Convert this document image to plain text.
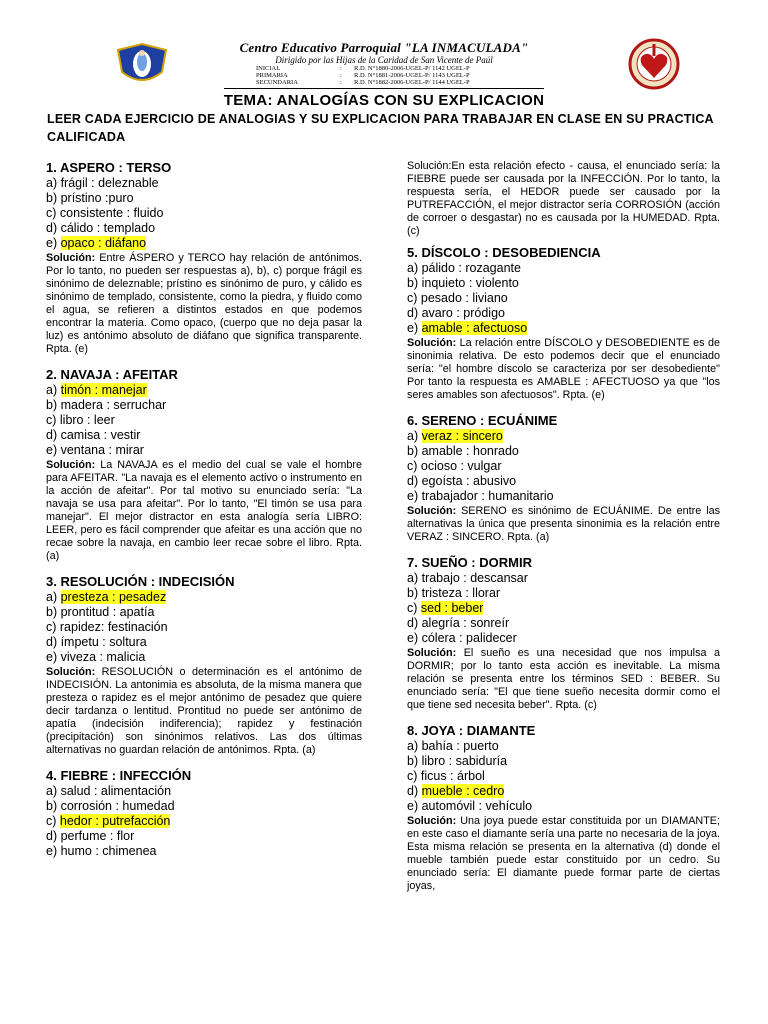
Centro Educativo Parroquial "LA INMACULADA"
Dirigido por las Hijas de la Caridad de San Vicente de Paúl
INICIAL	:	R.D. N°1880-2006-UGEL-P/ 1142 UGEL-P
PRIMARIA	:	R.D. N°1881-2006-UGEL-P/ 1143 UGEL-P
SECUNDARIA	:	R.D. N°1882-2006-UGEL-P/ 1144 UGEL-P
TEMA: ANALOGÍAS CON SU EXPLICACION
LEER CADA EJERCICIO DE ANALOGIAS Y SU EXPLICACION PARA TRABAJAR EN CLASE EN SU PRACTICA CALIFICADA
1. ASPERO : TERSO
a) frágil : deleznable
b) prístino :puro
c) consistente : fluido
d) cálido : templado
e) opaco : diáfano
Solución: Entre ÁSPERO y TERCO hay relación de antónimos. Por lo tanto, no pueden ser respuestas a), b), c) porque frágil es sinónimo de deleznable; prístino es sinónimo de puro, y cálido es sinónimo de templado, consistente, como la piedra, y fluido como el agua, se refieren a distintos estados en que podemos encontrar la materia. Como opaco, (cuerpo que no deja pasar la luz) es antónimo absoluto de diáfano que significa transparente. Rpta. (e)
2. NAVAJA : AFEITAR
a) timón : manejar
b) madera : serruchar
c) libro : leer
d) camisa : vestir
e) ventana : mirar
Solución: La NAVAJA es el medio del cual se vale el hombre para AFEITAR. "La navaja es el elemento activo o instrumento en la acción de afeitar". Por tal motivo su enunciado sería: "La navaja se usa para afeitar". Por lo tanto, "El timón se usa para manejar". El mejor distractor en esta analogía sería LIBRO: LEER, pero es fácil comprender que afeitar es una acción que no recae sobre la navaja, en cambio leer recae sobre el libro. Rpta. (a)
3. RESOLUCIÓN : INDECISIÓN
a) presteza : pesadez
b) prontitud : apatía
c) rapidez: festinación
d) ímpetu : soltura
e) viveza : malicia
Solución: RESOLUCIÓN o determinación es el antónimo de INDECISIÓN. La antonimia es absoluta, de la misma manera que presteza o rapidez es el mejor antónimo de pesadez que quiere decir tardanza o lentitud. Prontitud no puede ser antónimo de apatía (indecisión indiferencia); rapidez y festinación (precipitación) son sinónimos relativos. Las dos últimas alternativas no guardan relación de antónimos. Rpta. (a)
4. FIEBRE : INFECCIÓN
a) salud : alimentación
b) corrosión : humedad
c) hedor : putrefacción
d) perfume : flor
e) humo : chimenea
Solución:En esta relación efecto - causa, el enunciado sería: la FIEBRE puede ser causada por la INFECCIÓN. Por lo tanto, la respuesta sería, el HEDOR puede ser causado por la PUTREFACCIÓN, el mejor distractor sería CORROSIÓN (acción de corroer o desgastar) no es causada por la HUMEDAD. Rpta. (c)
5. DÍSCOLO : DESOBEDIENCIA
a) pálido : rozagante
b) inquieto : violento
c) pesado : liviano
d) avaro : pródigo
e) amable : afectuoso
Solución: La relación entre DÍSCOLO y DESOBEDIENTE es de sinonimia relativa. De esto podemos decir que el enunciado sería: "el hombre díscolo se caracteriza por ser desobediente" Por tanto la respuesta es AMABLE : AFECTUOSO ya que "los seres amables son afectuosos". Rpta. (e)
6. SERENO : ECUÁNIME
a) veraz : sincero
b) amable : honrado
c) ocioso : vulgar
d) egoísta : abusivo
e) trabajador : humanitario
Solución: SERENO es sinónimo de ECUÁNIME. De entre las alternativas la única que presenta sinonimia es la relación entre VERAZ : SINCERO. Rpta. (a)
7. SUEÑO : DORMIR
a) trabajo : descansar
b) tristeza : llorar
c) sed : beber
d) alegría : sonreír
e) cólera : palidecer
Solución: El sueño es una necesidad que nos impulsa a DORMIR; por lo tanto esta acción es inevitable. La misma relación se presenta entre los términos SED : BEBER. Su enunciado sería: "El que tiene sueño necesita dormir como el que tiene sed necesita beber". Rpta. (c)
8. JOYA : DIAMANTE
a) bahía : puerto
b) libro : sabiduría
c) ficus : árbol
d) mueble : cedro
e) automóvil : vehículo
Solución: Una joya puede estar constituida por un DIAMANTE; en este caso el diamante sería una parte no necesaria de la joya. Esta misma relación se presenta en la alternativa (d) donde el mueble también puede estar constituido por un cedro. Su enunciado sería: El diamante puede formar parte de ciertas joyas,
